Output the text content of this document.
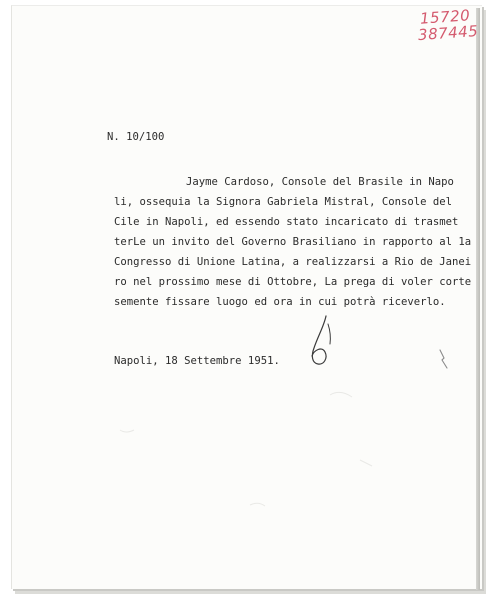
15720
387445

N. 10/100

Jayme Cardoso, Console del Brasile in Napo

li, ossequia la Signora Gabriela Mistral, Console del

Cile in Napoli, ed essendo stato incaricato di trasmet

terLe un invito del Governo Brasiliano in rapporto al 1a

Congresso di Unione Latina, a realizzarsi a Rio de Janei

ro nel prossimo mese di Ottobre, La prega di voler corte

semente fissare luogo ed ora in cui potrà riceverlo.

Napoli, 18 Settembre 1951.
